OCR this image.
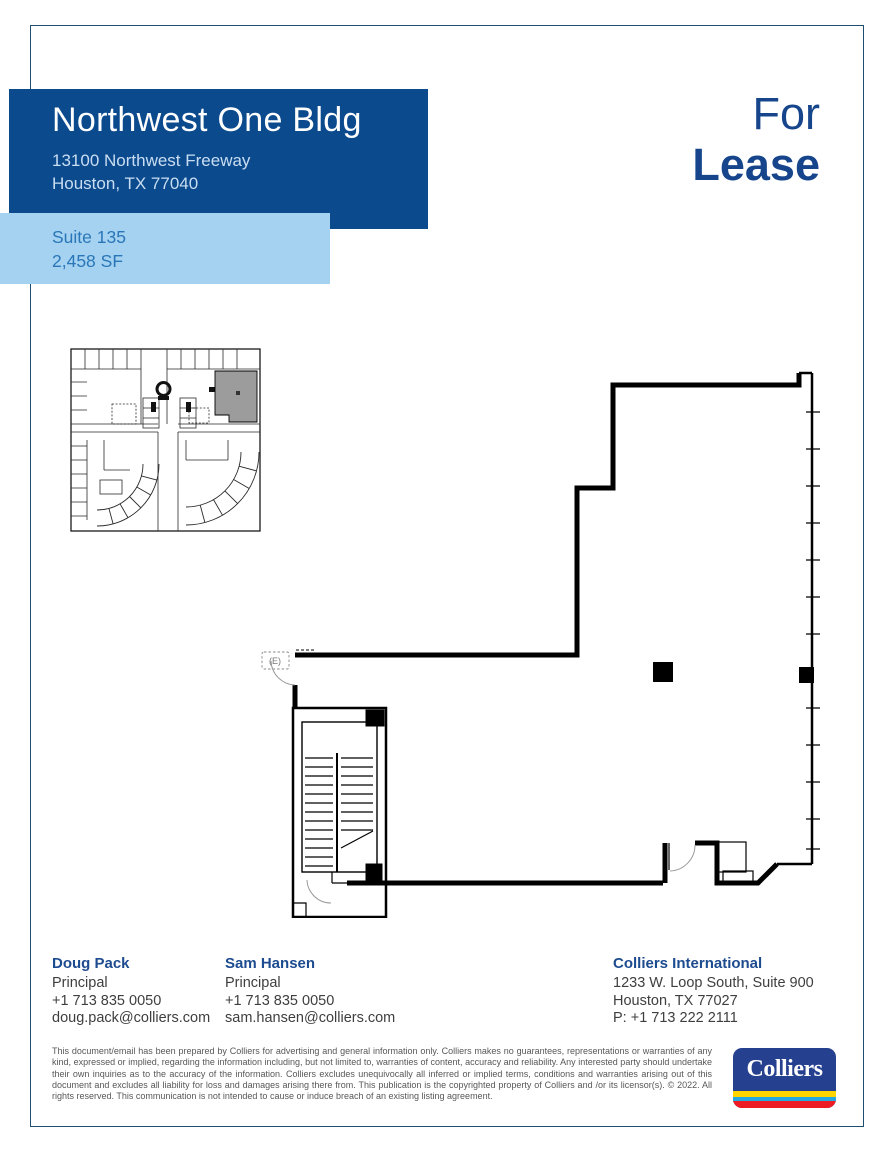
Northwest One Bldg
13100 Northwest Freeway
Houston, TX 77040
Suite 135
2,458 SF
For
Lease
(E)
Doug Pack
Principal
+1 713 835 0050
doug.pack@colliers.com
Sam Hansen
Principal
+1 713 835 0050
sam.hansen@colliers.com
Colliers International
1233 W. Loop South, Suite 900
Houston, TX 77027
P: +1 713 222 2111
This document/email has been prepared by Colliers for advertising and general information only. Colliers makes no guarantees, representations or warranties of any kind, expressed or implied, regarding the information including, but not limited to, warranties of content, accuracy and reliability. Any interested party should undertake their own inquiries as to the accuracy of the information. Colliers excludes unequivocally all inferred or implied terms, conditions and warranties arising out of this document and excludes all liability for loss and damages arising there from. This publication is the copyrighted property of Colliers and /or its licensor(s). © 2022. All rights reserved. This communication is not intended to cause or induce breach of an existing listing agreement.
Colliers
